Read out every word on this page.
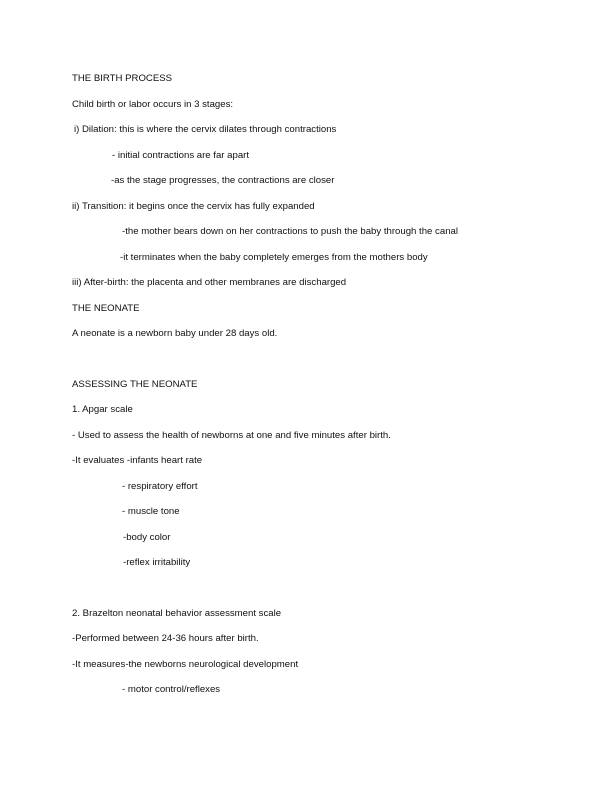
THE BIRTH PROCESS
Child birth or labor occurs in 3 stages:
i) Dilation: this is where the cervix dilates through contractions
- initial contractions are far apart
-as the stage progresses, the contractions are closer
ii) Transition: it begins once the cervix has fully expanded
-the mother bears down on her contractions to push the baby through the canal
-it terminates when the baby completely emerges from the mothers body
iii) After-birth: the placenta and other membranes are discharged
THE NEONATE
A neonate is a newborn baby under 28 days old.
ASSESSING THE NEONATE
1. Apgar scale
- Used to assess the health of newborns at one and five minutes after birth.
-It evaluates -infants heart rate
- respiratory effort
- muscle tone
-body color
-reflex irritability
2. Brazelton neonatal behavior assessment scale
-Performed between 24-36 hours after birth.
-It measures-the newborns neurological development
- motor control/reflexes
